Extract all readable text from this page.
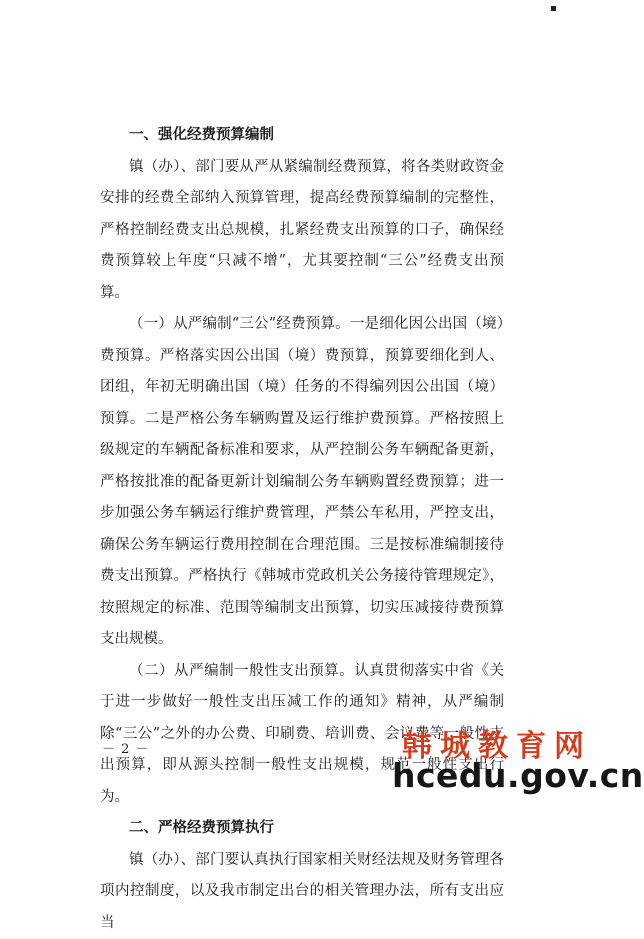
一、强化经费预算编制

镇（办）、部门要从严从紧编制经费预算，将各类财政资金安排的经费全部纳入预算管理，提高经费预算编制的完整性，严格控制经费支出总规模，扎紧经费支出预算的口子，确保经费预算较上年度“只减不增”，尤其要控制“三公”经费支出预算。

（一）从严编制“三公”经费预算。一是细化因公出国（境）费预算。严格落实因公出国（境）费预算，预算要细化到人、团组，年初无明确出国（境）任务的不得编列因公出国（境）预算。二是严格公务车辆购置及运行维护费预算。严格按照上级规定的车辆配备标准和要求，从严控制公务车辆配备更新，严格按批准的配备更新计划编制公务车辆购置经费预算；进一步加强公务车辆运行维护费管理，严禁公车私用，严控支出，确保公务车辆运行费用控制在合理范围。三是按标准编制接待费支出预算。严格执行《韩城市党政机关公务接待管理规定》，按照规定的标准、范围等编制支出预算，切实压减接待费预算支出规模。

（二）从严编制一般性支出预算。认真贯彻落实中省《关于进一步做好一般性支出压减工作的通知》精神，从严编制除“三公”之外的办公费、印刷费、培训费、会议费等一般性支出预算，即从源头控制一般性支出规模，规范一般性支出行为。

二、严格经费预算执行

镇（办）、部门要认真执行国家相关财经法规及财务管理各项内控制度，以及我市制定出台的相关管理办法，所有支出应当

－ 2 －	韩城教育网
hcedu.gov.cn
